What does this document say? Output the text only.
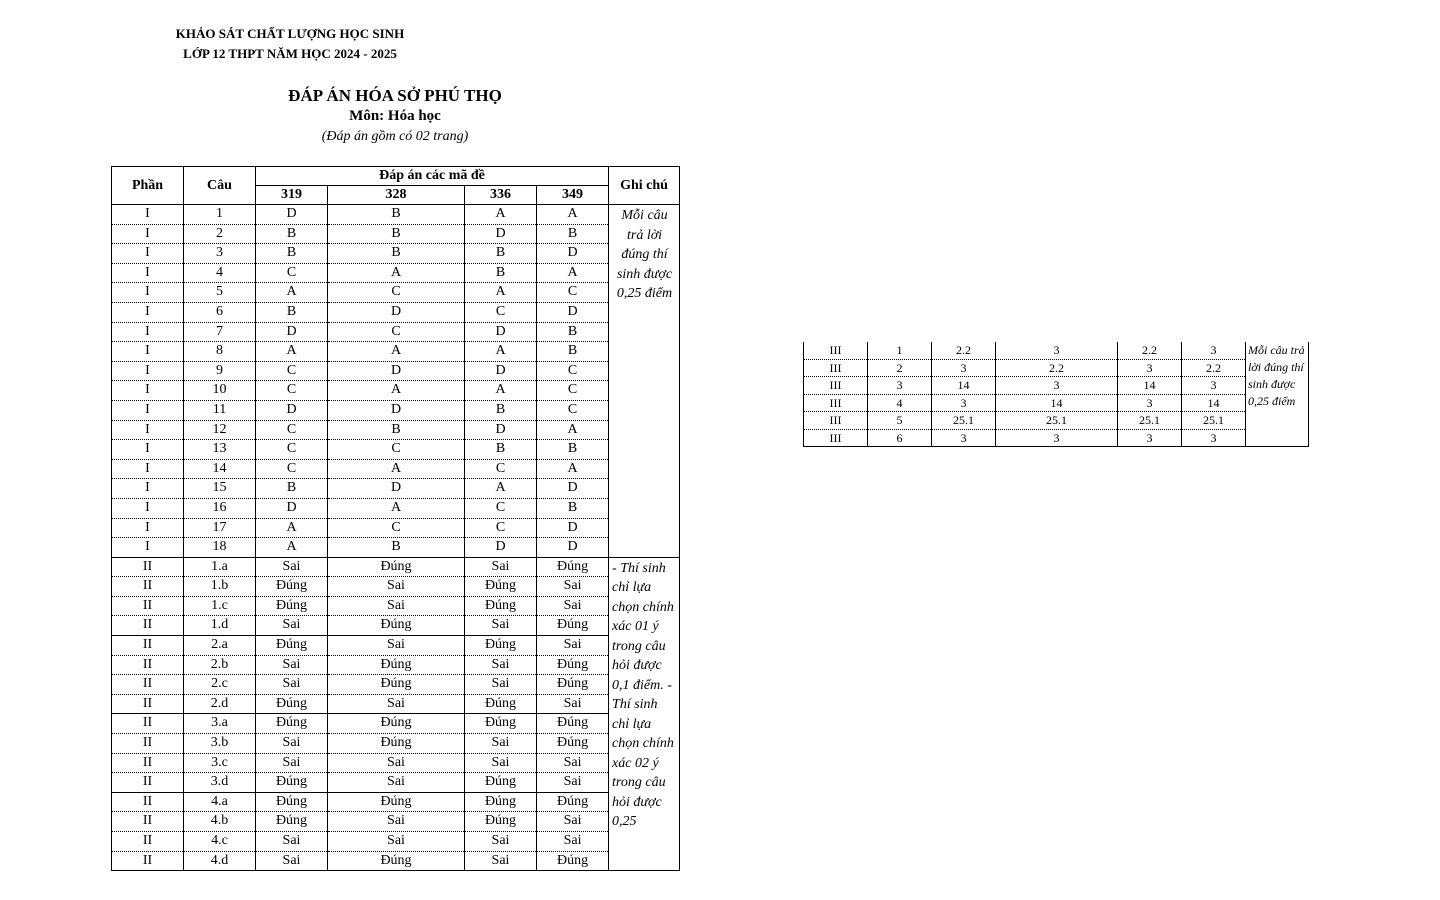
KHẢO SÁT CHẤT LƯỢNG HỌC SINH
LỚP 12 THPT NĂM HỌC 2024 - 2025
ĐÁP ÁN HÓA SỞ PHÚ THỌ
Môn: Hóa học
(Đáp án gồm có 02 trang)
Phần	Câu	Đáp án các mã đề				Ghi chú
		319	328	336	349	
I	1	D	B	A	A	Mỗi câu trả lời đúng thí sinh được 0,25 điểm
I	2	B	B	D	B	
I	3	B	B	B	D	
I	4	C	A	B	A	
I	5	A	C	A	C	
I	6	B	D	C	D	
I	7	D	C	D	B	
I	8	A	A	A	B	
I	9	C	D	D	C	
I	10	C	A	A	C	
I	11	D	D	B	C	
I	12	C	B	D	A	
I	13	C	C	B	B	
I	14	C	A	C	A	
I	15	B	D	A	D	
I	16	D	A	C	B	
I	17	A	C	C	D	
I	18	A	B	D	D	
II	1.a	Sai	Đúng	Sai	Đúng	- Thí sinh chỉ lựa chọn chính xác 01 ý trong câu hỏi được 0,1 điểm. - Thí sinh chỉ lựa chọn chính xác 02 ý trong câu hỏi được 0,25
II	1.b	Đúng	Sai	Đúng	Sai	
II	1.c	Đúng	Sai	Đúng	Sai	
II	1.d	Sai	Đúng	Sai	Đúng	
II	2.a	Đúng	Sai	Đúng	Sai	
II	2.b	Sai	Đúng	Sai	Đúng	
II	2.c	Sai	Đúng	Sai	Đúng	
II	2.d	Đúng	Sai	Đúng	Sai	
II	3.a	Đúng	Đúng	Đúng	Đúng	
II	3.b	Sai	Đúng	Sai	Đúng	
II	3.c	Sai	Sai	Sai	Sai	
II	3.d	Đúng	Sai	Đúng	Sai	
II	4.a	Đúng	Đúng	Đúng	Đúng	
II	4.b	Đúng	Sai	Đúng	Sai	
II	4.c	Sai	Sai	Sai	Sai	
II	4.d	Sai	Đúng	Sai	Đúng	
III	1	2.2	3	2.2	3	Mỗi câu trả lời đúng thí sinh được 0,25 điểm
III	2	3	2.2	3	2.2	
III	3	14	3	14	3	
III	4	3	14	3	14	
III	5	25.1	25.1	25.1	25.1	
III	6	3	3	3	3	
